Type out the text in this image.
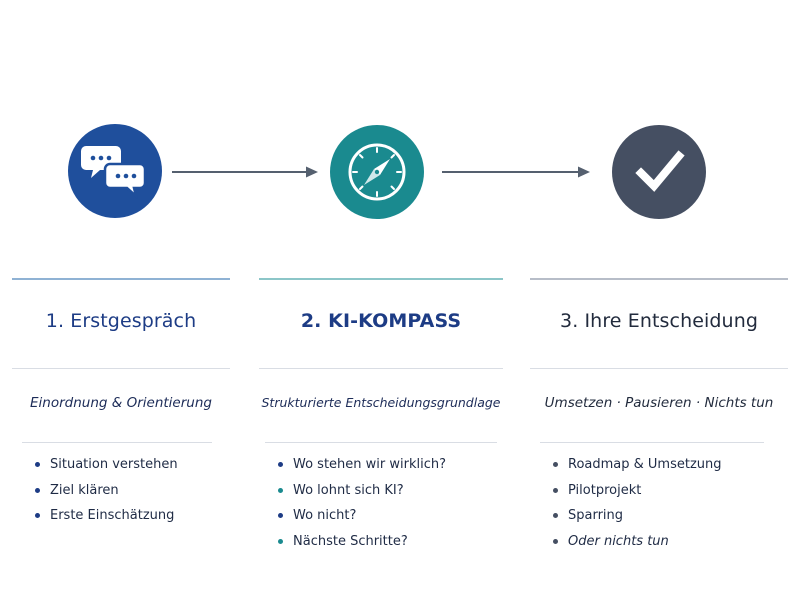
1. Erstgespräch
Einordnung & Orientierung
Situation verstehen
Ziel klären
Erste Einschätzung
2. KI-KOMPASS
Strukturierte Entscheidungsgrundlage
Wo stehen wir wirklich?
Wo lohnt sich KI?
Wo nicht?
Nächste Schritte?
3. Ihre Entscheidung
Umsetzen · Pausieren · Nichts tun
Roadmap & Umsetzung
Pilotprojekt
Sparring
Oder nichts tun
